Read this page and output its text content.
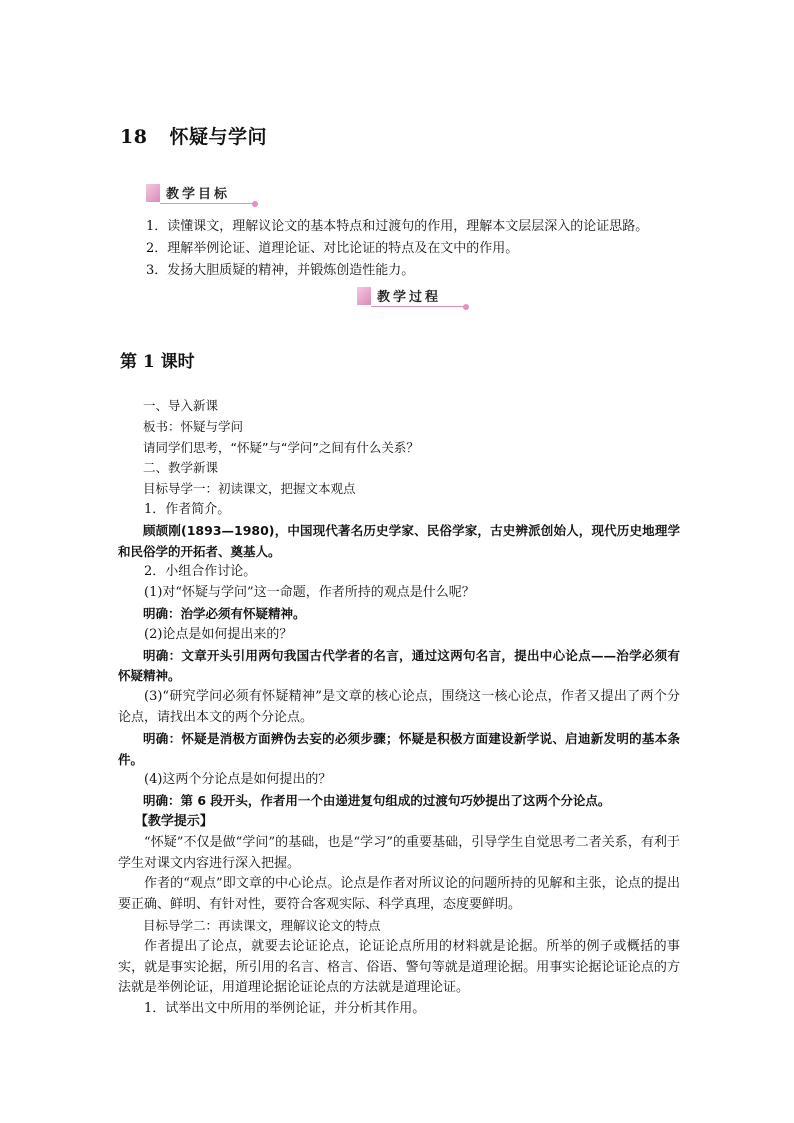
18 怀疑与学问
教学目标
1．读懂课文，理解议论文的基本特点和过渡句的作用，理解本文层层深入的论证思路。
2．理解举例论证、道理论证、对比论证的特点及在文中的作用。
3．发扬大胆质疑的精神，并锻炼创造性能力。
教学过程
第 1 课时

一、导入新课

板书：怀疑与学问

请同学们思考，“怀疑”与“学问”之间有什么关系？

二、教学新课

目标导学一：初读课文，把握文本观点

1．作者简介。

顾颉刚(1893—1980)，中国现代著名历史学家、民俗学家，古史辨派创始人，现代历史地理学和民俗学的开拓者、奠基人。

2．小组合作讨论。

(1)对“怀疑与学问”这一命题，作者所持的观点是什么呢？

明确：治学必须有怀疑精神。

(2)论点是如何提出来的？

明确：文章开头引用两句我国古代学者的名言，通过这两句名言，提出中心论点——治学必须有怀疑精神。

(3)“研究学问必须有怀疑精神”是文章的核心论点，围绕这一核心论点，作者又提出了两个分论点，请找出本文的两个分论点。

明确：怀疑是消极方面辨伪去妄的必须步骤；怀疑是积极方面建设新学说、启迪新发明的基本条件。

(4)这两个分论点是如何提出的？

明确：第 6 段开头，作者用一个由递进复句组成的过渡句巧妙提出了这两个分论点。

【教学提示】

“怀疑”不仅是做“学问”的基础，也是“学习”的重要基础，引导学生自觉思考二者关系，有利于学生对课文内容进行深入把握。

作者的“观点”即文章的中心论点。论点是作者对所议论的问题所持的见解和主张，论点的提出要正确、鲜明、有针对性，要符合客观实际、科学真理，态度要鲜明。

目标导学二：再读课文，理解议论文的特点

作者提出了论点，就要去论证论点，论证论点所用的材料就是论据。所举的例子或概括的事实，就是事实论据，所引用的名言、格言、俗语、警句等就是道理论据。用事实论据论证论点的方法就是举例论证，用道理论据论证论点的方法就是道理论证。

1．试举出文中所用的举例论证，并分析其作用。
